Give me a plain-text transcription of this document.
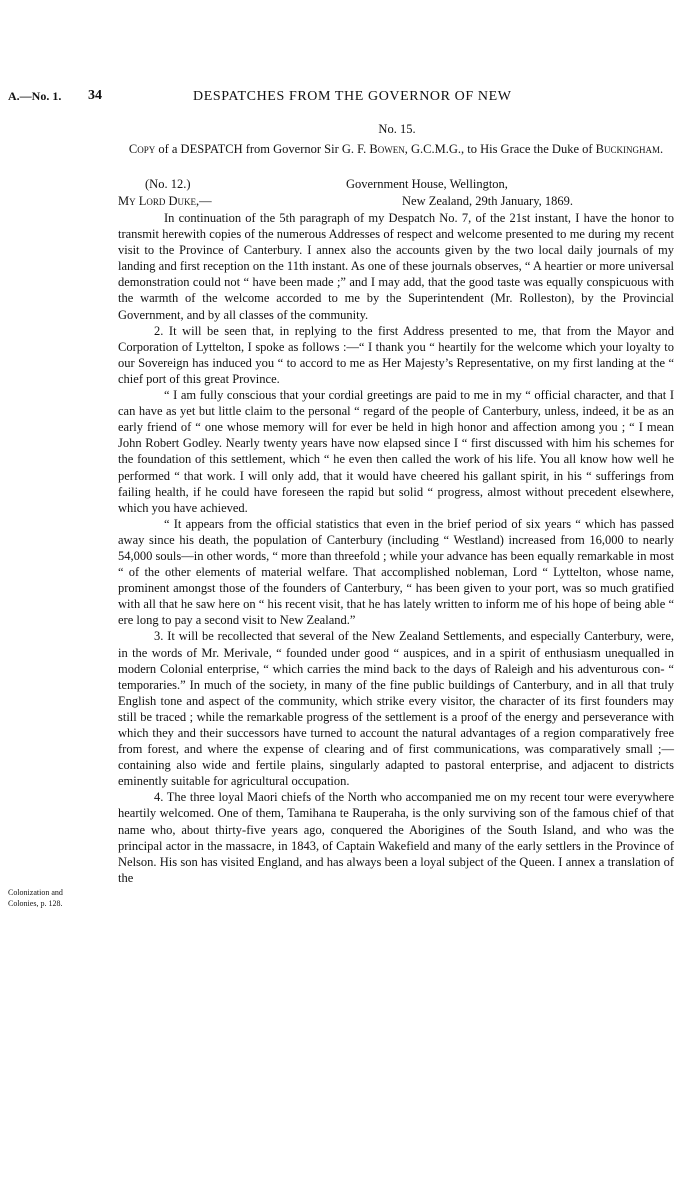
A.—No. 1. 34	DESPATCHES FROM THE GOVERNOR OF NEW
No. 15.
Copy of a DESPATCH from Governor Sir G. F. Bowen, G.C.M.G., to His Grace the Duke of Buckingham.
(No. 12.)	Government House, Wellington,
My Lord Duke,—	New Zealand, 29th January, 1869.

In continuation of the 5th paragraph of my Despatch No. 7, of the 21st instant, I have the honor to transmit herewith copies of the numerous Addresses of respect and welcome presented to me during my recent visit to the Province of Canterbury. I annex also the accounts given by the two local daily journals of my landing and first reception on the 11th instant. As one of these journals observes, “ A heartier or more universal demonstration could not “ have been made ;” and I may add, that the good taste was equally conspicuous with the warmth of the welcome accorded to me by the Superintendent (Mr. Rolleston), by the Provincial Government, and by all classes of the community.

2. It will be seen that, in replying to the first Address presented to me, that from the Mayor and Corporation of Lyttelton, I spoke as follows :—“ I thank you “ heartily for the welcome which your loyalty to our Sovereign has induced you “ to accord to me as Her Majesty’s Representative, on my first landing at the “ chief port of this great Province.

“ I am fully conscious that your cordial greetings are paid to me in my “ official character, and that I can have as yet but little claim to the personal “ regard of the people of Canterbury, unless, indeed, it be as an early friend of “ one whose memory will for ever be held in high honor and affection among you ; “ I mean John Robert Godley. Nearly twenty years have now elapsed since I “ first discussed with him his schemes for the foundation of this settlement, which “ he even then called the work of his life. You all know how well he performed “ that work. I will only add, that it would have cheered his gallant spirit, in his “ sufferings from failing health, if he could have foreseen the rapid but solid “ progress, almost without precedent elsewhere, which you have achieved.

“ It appears from the official statistics that even in the brief period of six years “ which has passed away since his death, the population of Canterbury (including “ Westland) increased from 16,000 to nearly 54,000 souls—in other words, “ more than threefold ; while your advance has been equally remarkable in most “ of the other elements of material welfare. That accomplished nobleman, Lord “ Lyttelton, whose name, prominent amongst those of the founders of Canterbury, “ has been given to your port, was so much gratified with all that he saw here on “ his recent visit, that he has lately written to inform me of his hope of being able “ ere long to pay a second visit to New Zealand.”

3. It will be recollected that several of the New Zealand Settlements, and especially Canterbury, were, in the words of Mr. Merivale, “ founded under good “ auspices, and in a spirit of enthusiasm unequalled in modern Colonial enterprise, “ which carries the mind back to the days of Raleigh and his adventurous con- “ temporaries.” In much of the society, in many of the fine public buildings of Canterbury, and in all that truly English tone and aspect of the community, which strike every visitor, the character of its first founders may still be traced ; while the remarkable progress of the settlement is a proof of the energy and perseverance with which they and their successors have turned to account the natural advantages of a region comparatively free from forest, and where the expense of clearing and of first communications, was comparatively small ;—containing also wide and fertile plains, singularly adapted to pastoral enterprise, and adjacent to districts eminently suitable for agricultural occupation.

4. The three loyal Maori chiefs of the North who accompanied me on my recent tour were everywhere heartily welcomed. One of them, Tamihana te Rauperaha, is the only surviving son of the famous chief of that name who, about thirty-five years ago, conquered the Aborigines of the South Island, and who was the principal actor in the massacre, in 1843, of Captain Wakefield and many of the early settlers in the Province of Nelson. His son has visited England, and has always been a loyal subject of the Queen. I annex a translation of the

Colonization and
Colonies, p. 128.
